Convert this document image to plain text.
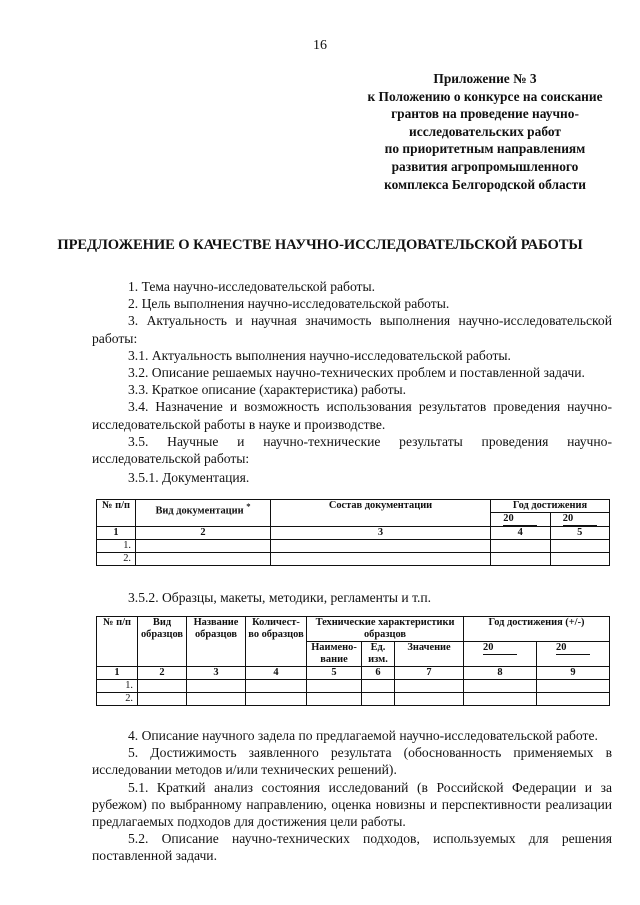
16
Приложение № 3
к Положению о конкурсе на соискание
грантов на проведение научно-
исследовательских работ
по приоритетным направлениям
развития агропромышленного
комплекса Белгородской области
ПРЕДЛОЖЕНИЕ О КАЧЕСТВЕ НАУЧНО-ИССЛЕДОВАТЕЛЬСКОЙ РАБОТЫ

1. Тема научно-исследовательской работы.

2. Цель выполнения научно-исследовательской работы.

3. Актуальность и научная значимость выполнения научно-исследовательской работы:

3.1. Актуальность выполнения научно-исследовательской работы.

3.2. Описание решаемых научно-технических проблем и поставленной задачи.

3.3. Краткое описание (характеристика) работы.

3.4. Назначение и возможность использования результатов проведения научно-исследовательской работы в науке и производстве.

3.5. Научные и научно-технические результаты проведения научно-исследовательской работы:

3.5.1. Документация.
№ п/п	Вид документации *	Состав документации	Год достижения	
			20	20
1	2	3	4	5
1.				
2.				
3.5.2. Образцы, макеты, методики, регламенты и т.п.
№ п/п	Вид образцов	Название образцов	Количест-во образцов	Технические характеристики образцов			Год достижения (+/-)	
				Наимено-вание	Ед. изм.	Значение	20	20
1	2	3	4	5	6	7	8	9
1.								
2.								

4. Описание научного задела по предлагаемой научно-исследовательской работе.

5. Достижимость заявленного результата (обоснованность применяемых в исследовании методов и/или технических решений).

5.1. Краткий анализ состояния исследований (в Российской Федерации и за рубежом) по выбранному направлению, оценка новизны и перспективности реализации предлагаемых подходов для достижения цели работы.

5.2. Описание научно-технических подходов, используемых для решения поставленной задачи.
